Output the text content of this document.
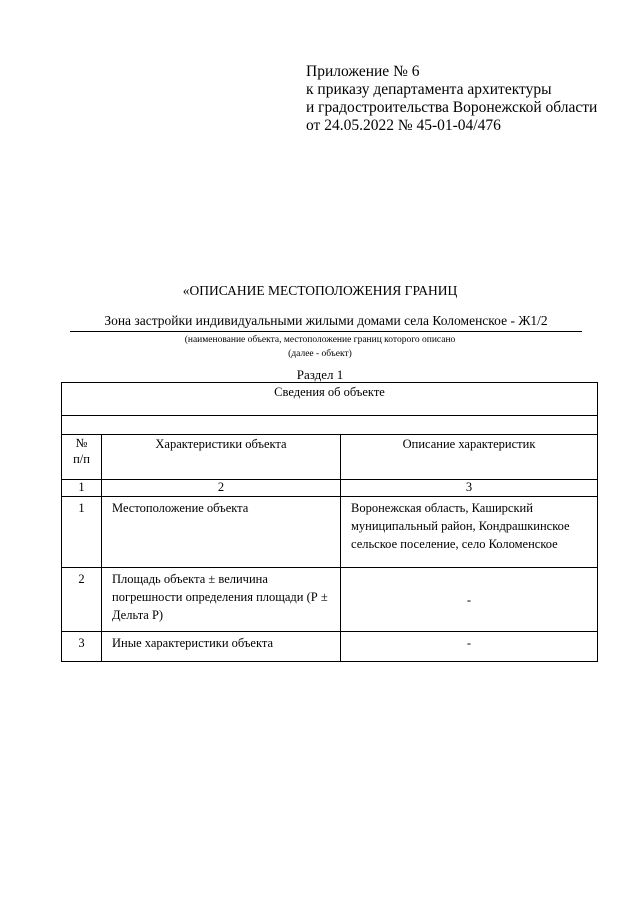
Приложение № 6
к приказу департамента архитектуры
и градостроительства Воронежской области
от 24.05.2022 № 45-01-04/476
«ОПИСАНИЕ МЕСТОПОЛОЖЕНИЯ ГРАНИЦ
Зона застройки индивидуальными жилыми домами села Коломенское - Ж1/2
(наименование объекта, местоположение границ которого описано
(далее - объект)
Раздел 1
Сведения об объекте		

№ п/п	Характеристики объекта	Описание характеристик
1	2	3
1	Местоположение объекта	Воронежская область, Каширский муниципальный район, Кондрашкинское сельское поселение, село Коломенское
2	Площадь объекта ± величина погрешности определения площади (Р ± Дельта Р)	-
3	Иные характеристики объекта	-
